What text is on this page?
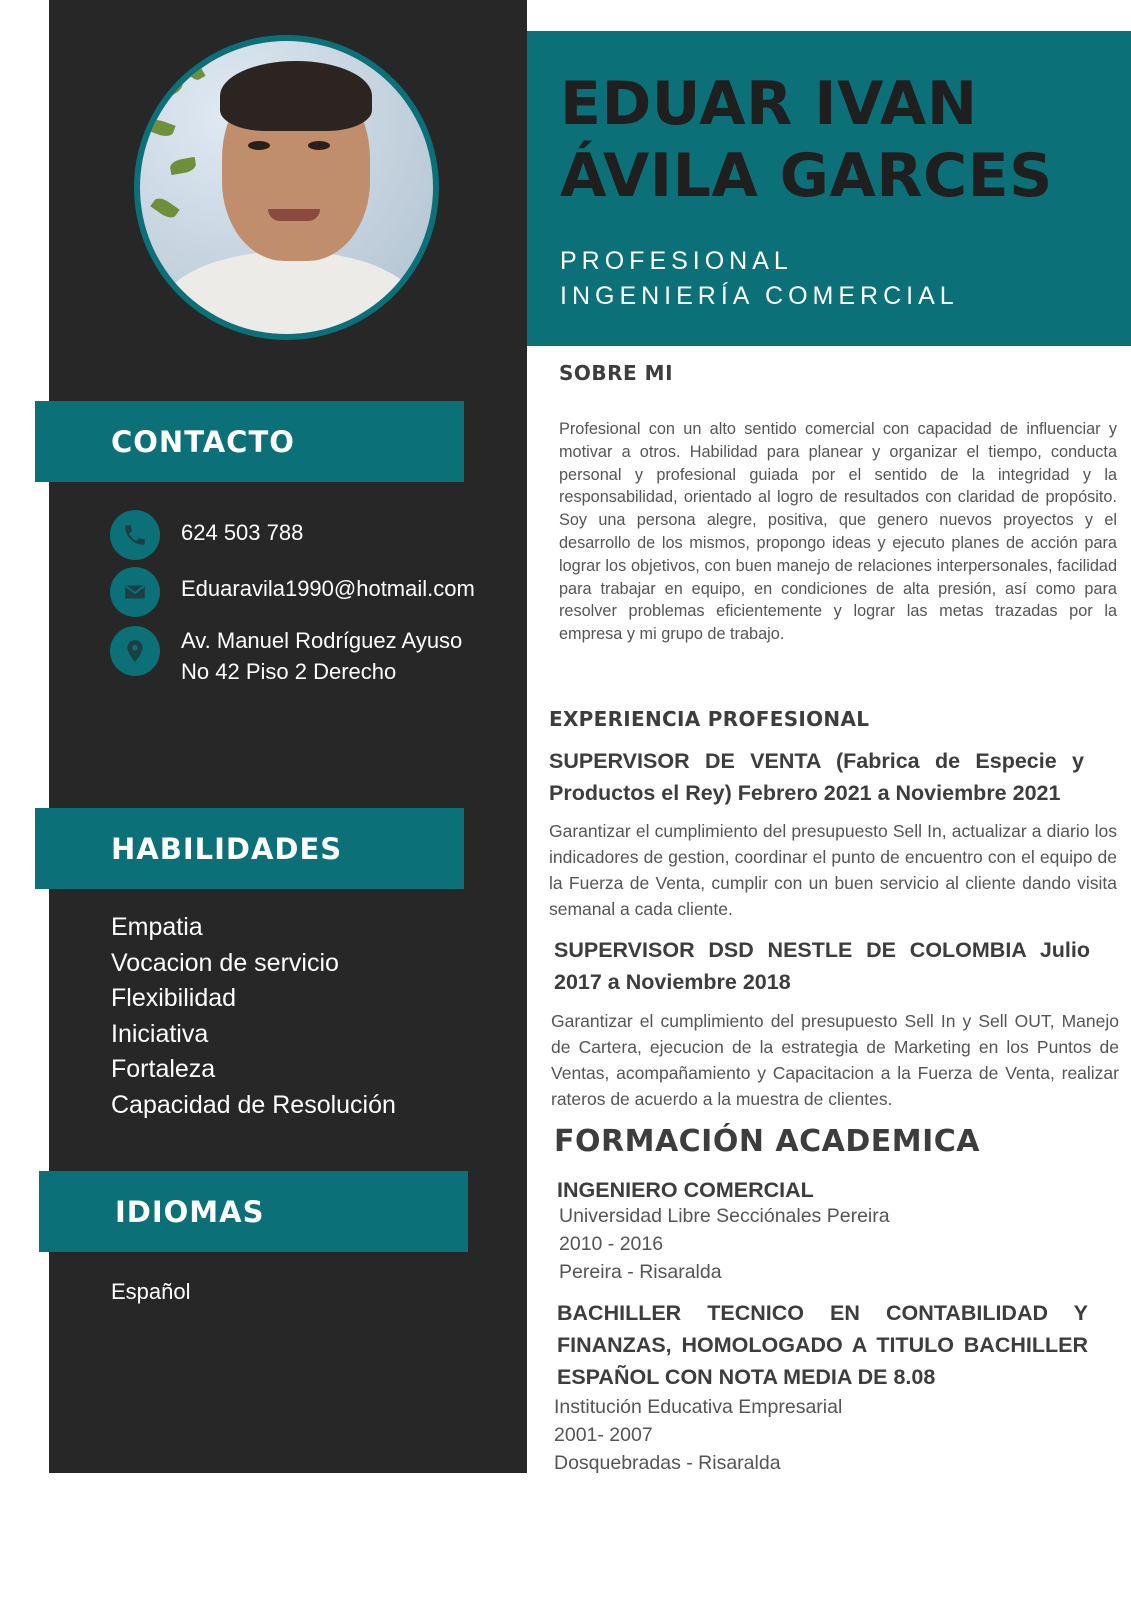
EDUAR IVAN
ÁVILA GARCES
PROFESIONAL
INGENIERÍA COMERCIAL
CONTACTO
624 503 788
Eduaravila1990@hotmail.com
Av. Manuel Rodríguez Ayuso
No 42 Piso 2 Derecho
HABILIDADES
Empatia
Vocacion de servicio
Flexibilidad
Iniciativa
Fortaleza
Capacidad de Resolución
IDIOMAS
Español
SOBRE MI

Profesional con un alto sentido comercial con capacidad de influenciar y motivar a otros. Habilidad para planear y organizar el tiempo, conducta personal y profesional guiada por el sentido de la integridad y la responsabilidad, orientado al logro de resultados con claridad de propósito. Soy una persona alegre, positiva, que genero nuevos proyectos y el desarrollo de los mismos, propongo ideas y ejecuto planes de acción para lograr los objetivos, con buen manejo de relaciones interpersonales, facilidad para trabajar en equipo, en condiciones de alta presión, así como para resolver problemas eficientemente y lograr las metas trazadas por la empresa y mi grupo de trabajo.

EXPERIENCIA PROFESIONAL

SUPERVISOR DE VENTA (Fabrica de Especie y Productos el Rey) Febrero 2021 a Noviembre 2021

Garantizar el cumplimiento del presupuesto Sell In, actualizar a diario los indicadores de gestion, coordinar el punto de encuentro con el equipo de la Fuerza de Venta, cumplir con un buen servicio al cliente dando visita semanal a cada cliente.

SUPERVISOR DSD NESTLE DE COLOMBIA Julio 2017 a Noviembre 2018

Garantizar el cumplimiento del presupuesto Sell In y Sell OUT, Manejo de Cartera, ejecucion de la estrategia de Marketing en los Puntos de Ventas, acompañamiento y Capacitacion a la Fuerza de Venta, realizar rateros de acuerdo a la muestra de clientes.

FORMACIÓN ACADEMICA

INGENIERO COMERCIAL

Universidad Libre Secciónales Pereira
2010 - 2016
Pereira - Risaralda

BACHILLER TECNICO EN CONTABILIDAD Y FINANZAS, HOMOLOGADO A TITULO BACHILLER ESPAÑOL CON NOTA MEDIA DE 8.08

Institución Educativa Empresarial
2001- 2007
Dosquebradas - Risaralda
